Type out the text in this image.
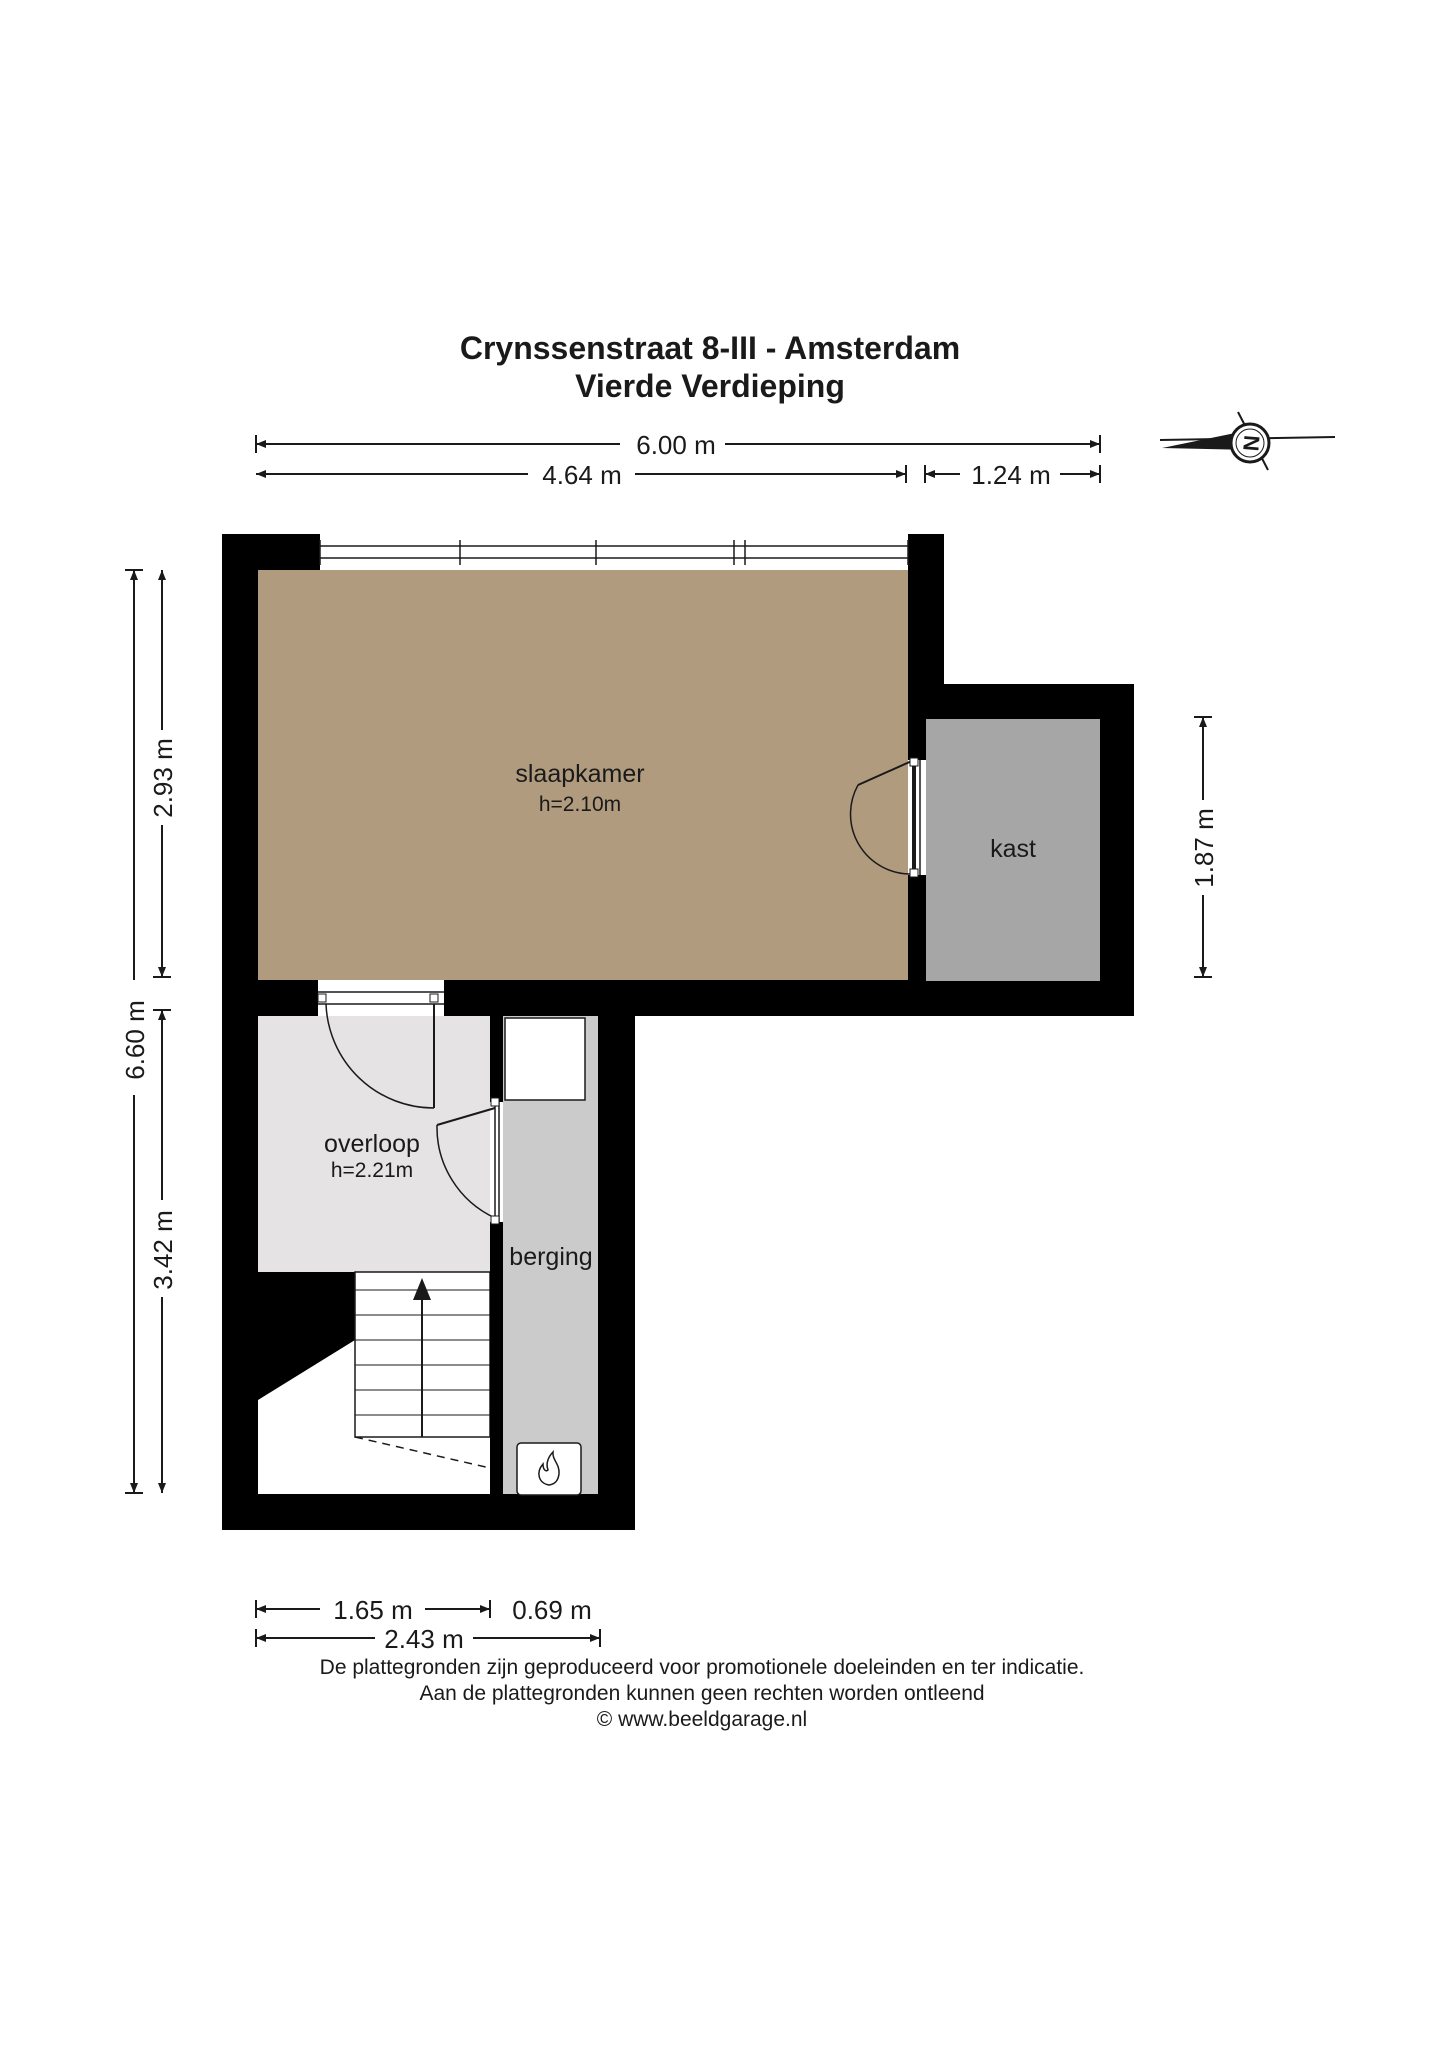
Crynssenstraat 8-III - Amsterdam
Vierde Verdieping
N
6.00 m
4.64 m	1.24 m
6.60 m
2.93 m
3.42 m
1.87 m
slaapkamer
h=2.10m
kast
overloop
h=2.21m
berging
1.65 m	0.69 m
2.43 m
De plattegronden zijn geproduceerd voor promotionele doeleinden en ter indicatie.
Aan de plattegronden kunnen geen rechten worden ontleend
© www.beeldgarage.nl
